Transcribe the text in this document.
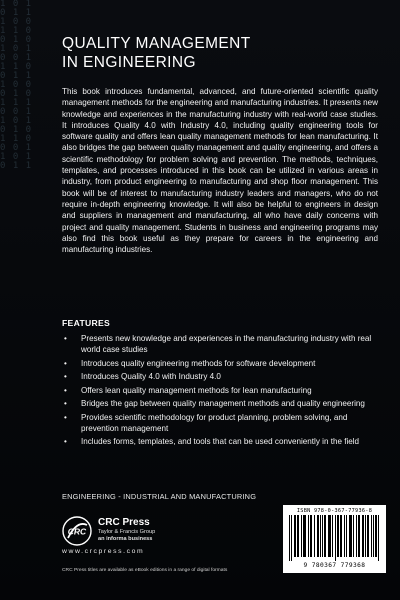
1 0 1
0 1 1
1 0 0
1 1 0
0 1 0
1 0 1
0 0 1
1 1 0
0 1 1
1 0 0
0 1 0
1 1 1
0 0 1
1 0 1
0 1 0
1 1 0
0 0 1
1 0 1
0 1 1
QUALITY MANAGEMENT
IN ENGINEERING

This book introduces fundamental, advanced, and future-oriented scientific quality management methods for the engineering and manufacturing industries. It presents new knowledge and experiences in the manufacturing industry with real-world case studies. It introduces Quality 4.0 with Industry 4.0, including quality engineering tools for software quality and offers lean quality management methods for lean manufacturing. It also bridges the gap between quality management and quality engineering, and offers a scientific methodology for problem solving and prevention. The methods, techniques, templates, and processes introduced in this book can be utilized in various areas in industry, from product engineering to manufacturing and shop floor management. This book will be of interest to manufacturing industry leaders and managers, who do not require in-depth engineering knowledge. It will also be helpful to engineers in design and suppliers in management and manufacturing, all who have daily concerns with project and quality management. Students in business and engineering programs may also find this book useful as they prepare for careers in the engineering and manufacturing industries.

FEATURES
• Presents new knowledge and experiences in the manufacturing industry with real world case studies
• Introduces quality engineering methods for software development
• Introduces Quality 4.0 with Industry 4.0
• Offers lean quality management methods for lean manufacturing
• Bridges the gap between quality management methods and quality engineering
• Provides scientific methodology for product planning, problem solving, and prevention management
• Includes forms, templates, and tools that can be used conveniently in the field
ENGINEERING - INDUSTRIAL AND MANUFACTURING
CRC
CRC Press
Taylor & Francis Group
an informa business
www.crcpress.com
CRC Press titles are available as eBook editions in a range of digital formats
ISBN 978-0-367-77936-8
9 780367 779368
